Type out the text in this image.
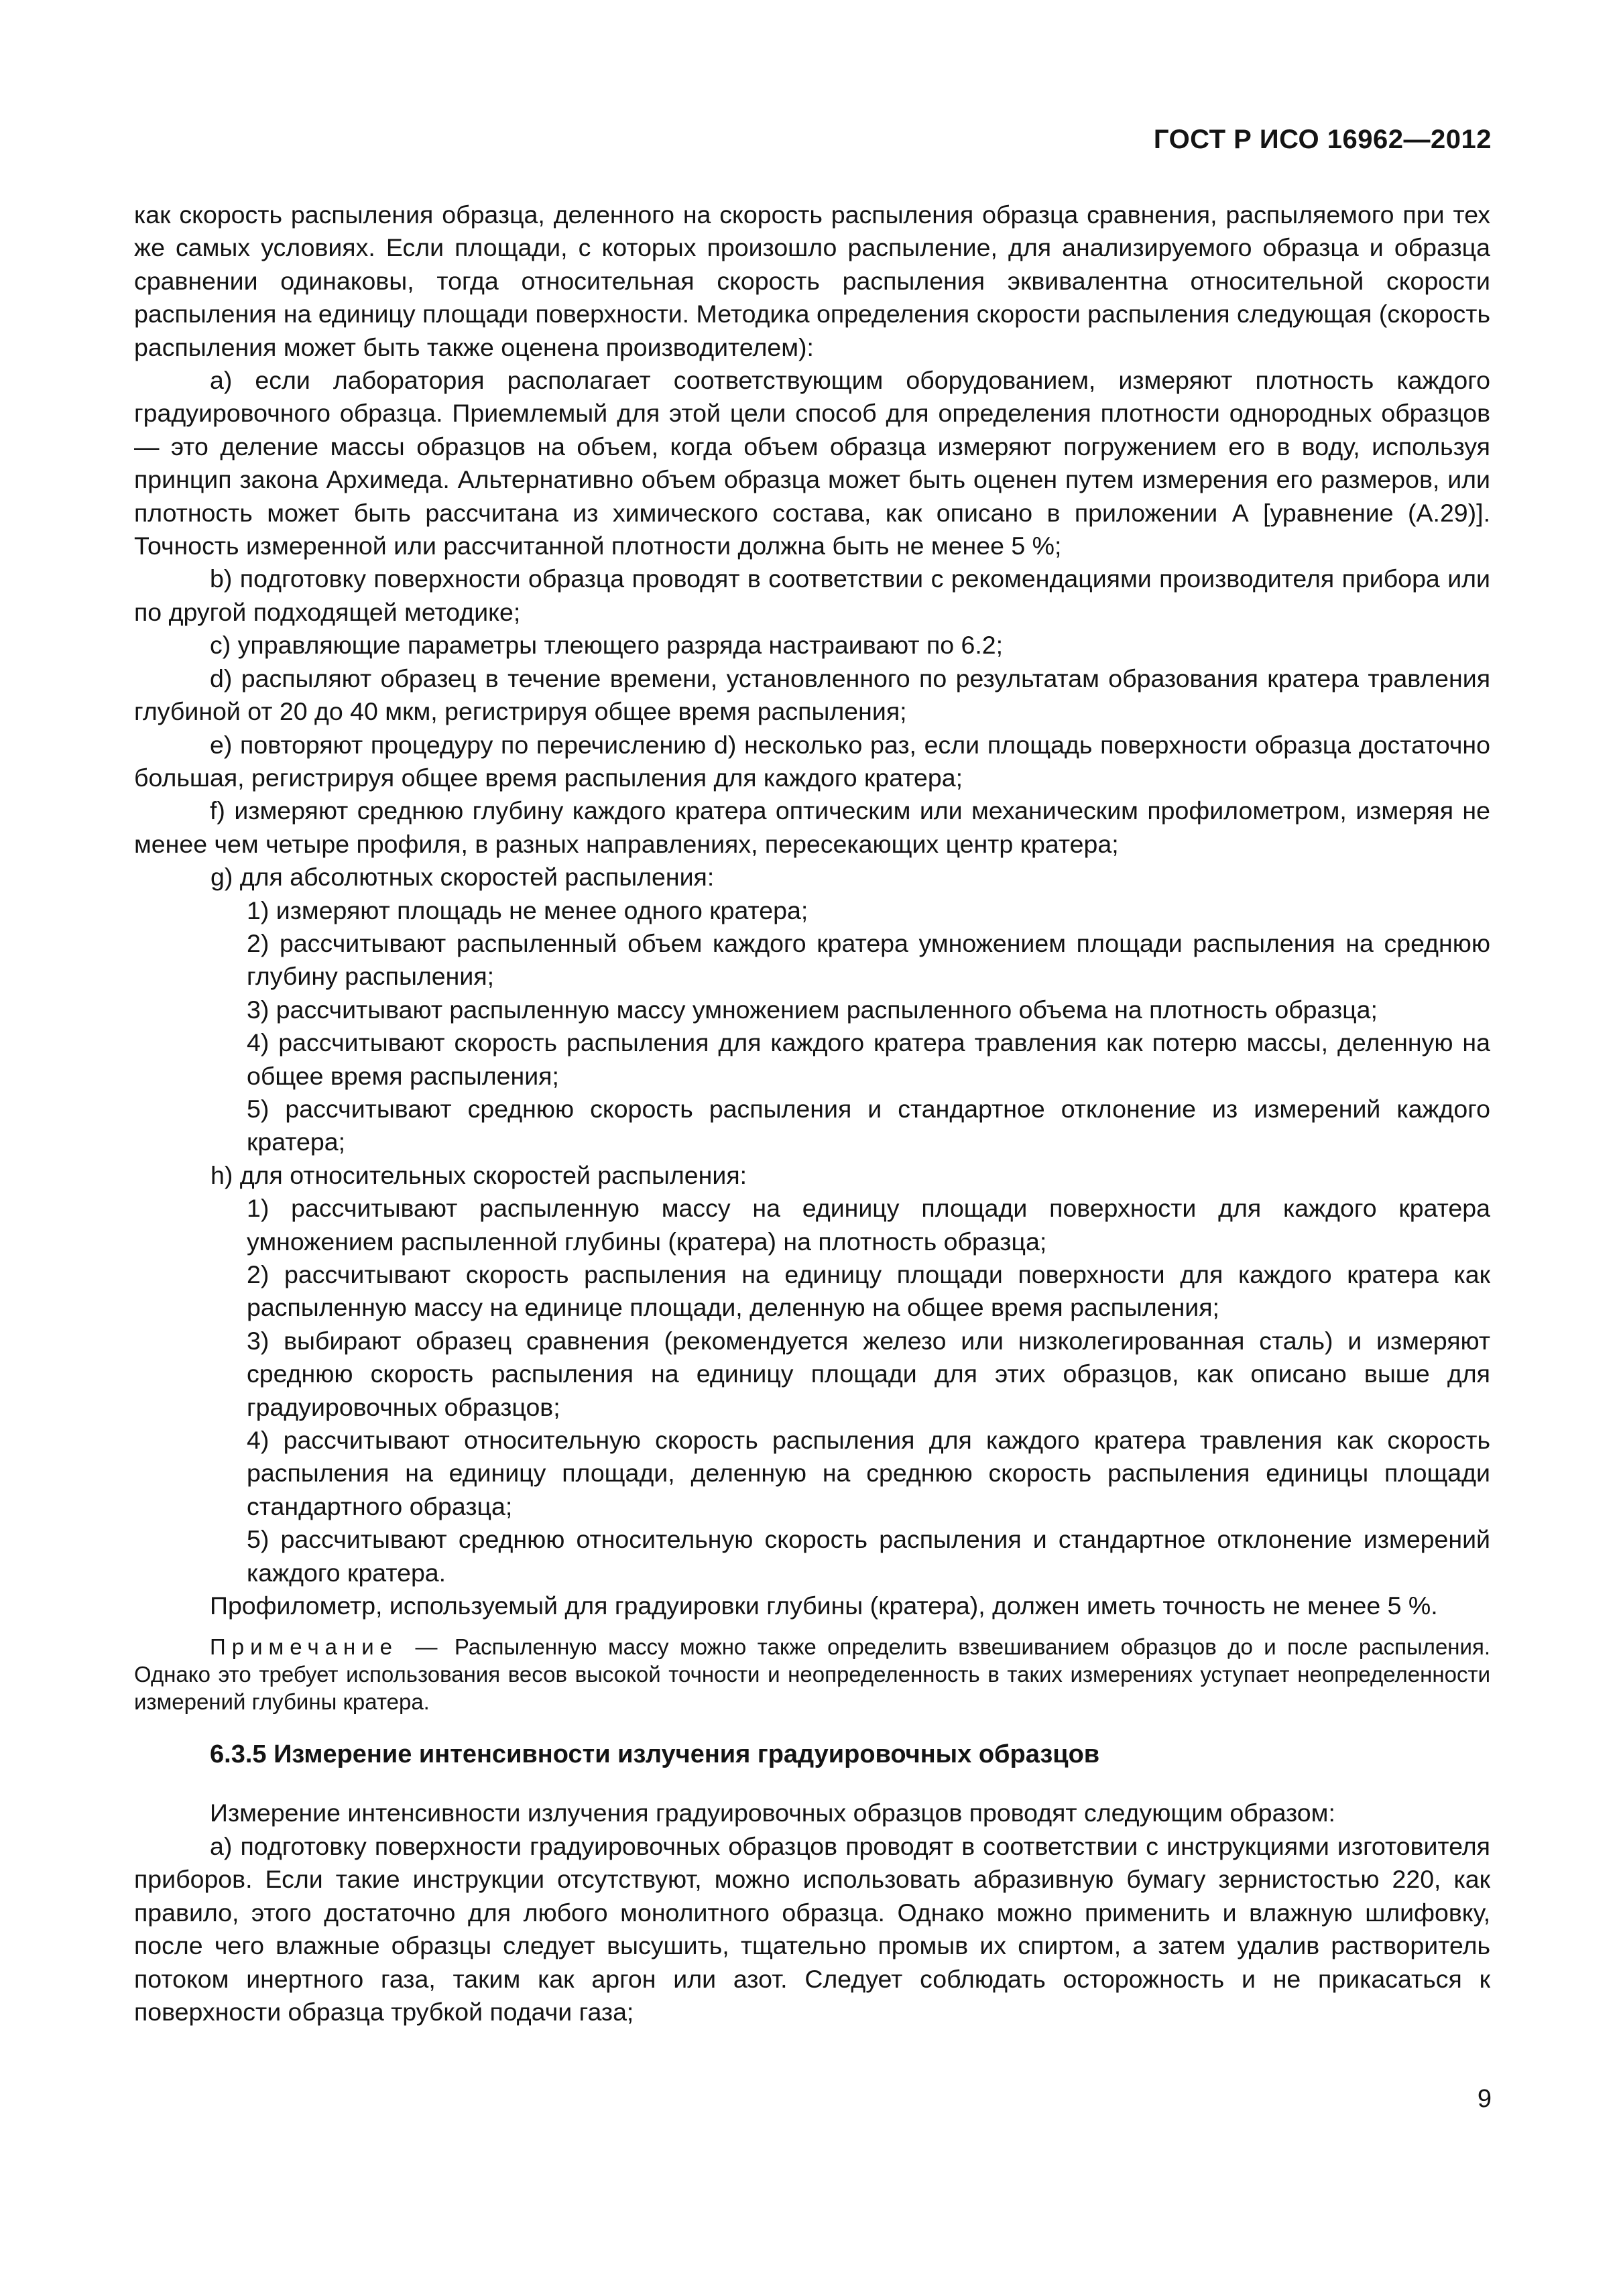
ГОСТ Р ИСО 16962—2012

как скорость распыления образца, деленного на скорость распыления образца сравнения, распыляемого при тех же самых условиях. Если площади, с которых произошло распыление, для анализируемого образца и образца сравнении одинаковы, тогда относительная скорость распыления эквивалентна относительной скорости распыления на единицу площади поверхности. Методика определения скорости распыления следующая (скорость распыления может быть также оценена производителем):

а) если лаборатория располагает соответствующим оборудованием, измеряют плотность каждого градуировочного образца. Приемлемый для этой цели способ для определения плотности однородных образцов — это деление массы образцов на объем, когда объем образца измеряют погружением его в воду, используя принцип закона Архимеда. Альтернативно объем образца может быть оценен путем измерения его размеров, или плотность может быть рассчитана из химического состава, как описано в приложении А [уравнение (А.29)]. Точность измеренной или рассчитанной плотности должна быть не менее 5 %;

b) подготовку поверхности образца проводят в соответствии с рекомендациями производителя прибора или по другой подходящей методике;

с) управляющие параметры тлеющего разряда настраивают по 6.2;

d) распыляют образец в течение времени, установленного по результатам образования кратера травления глубиной от 20 до 40 мкм, регистрируя общее время распыления;

е) повторяют процедуру по перечислению d) несколько раз, если площадь поверхности образца достаточно большая, регистрируя общее время распыления для каждого кратера;

f) измеряют среднюю глубину каждого кратера оптическим или механическим профилометром, измеряя не менее чем четыре профиля, в разных направлениях, пересекающих центр кратера;

g) для абсолютных скоростей распыления:

1) измеряют площадь не менее одного кратера;

2) рассчитывают распыленный объем каждого кратера умножением площади распыления на среднюю глубину распыления;

3) рассчитывают распыленную массу умножением распыленного объема на плотность образца;

4) рассчитывают скорость распыления для каждого кратера травления как потерю массы, деленную на общее время распыления;

5) рассчитывают среднюю скорость распыления и стандартное отклонение из измерений каждого кратера;

h) для относительных скоростей распыления:

1) рассчитывают распыленную массу на единицу площади поверхности для каждого кратера умножением распыленной глубины (кратера) на плотность образца;

2) рассчитывают скорость распыления на единицу площади поверхности для каждого кратера как распыленную массу на единице площади, деленную на общее время распыления;

3) выбирают образец сравнения (рекомендуется железо или низколегированная сталь) и измеряют среднюю скорость распыления на единицу площади для этих образцов, как описано выше для градуировочных образцов;

4) рассчитывают относительную скорость распыления для каждого кратера травления как скорость распыления на единицу площади, деленную на среднюю скорость распыления единицы площади стандартного образца;

5) рассчитывают среднюю относительную скорость распыления и стандартное отклонение измерений каждого кратера.

Профилометр, используемый для градуировки глубины (кратера), должен иметь точность не менее 5 %.

Примечание — Распыленную массу можно также определить взвешиванием образцов до и после распыления. Однако это требует использования весов высокой точности и неопределенность в таких измерениях уступает неопределенности измерений глубины кратера.

6.3.5 Измерение интенсивности излучения градуировочных образцов

Измерение интенсивности излучения градуировочных образцов проводят следующим образом:

а) подготовку поверхности градуировочных образцов проводят в соответствии с инструкциями изготовителя приборов. Если такие инструкции отсутствуют, можно использовать абразивную бумагу зернистостью 220, как правило, этого достаточно для любого монолитного образца. Однако можно применить и влажную шлифовку, после чего влажные образцы следует высушить, тщательно промыв их спиртом, а затем удалив растворитель потоком инертного газа, таким как аргон или азот. Следует соблюдать осторожность и не прикасаться к поверхности образца трубкой подачи газа;

9
